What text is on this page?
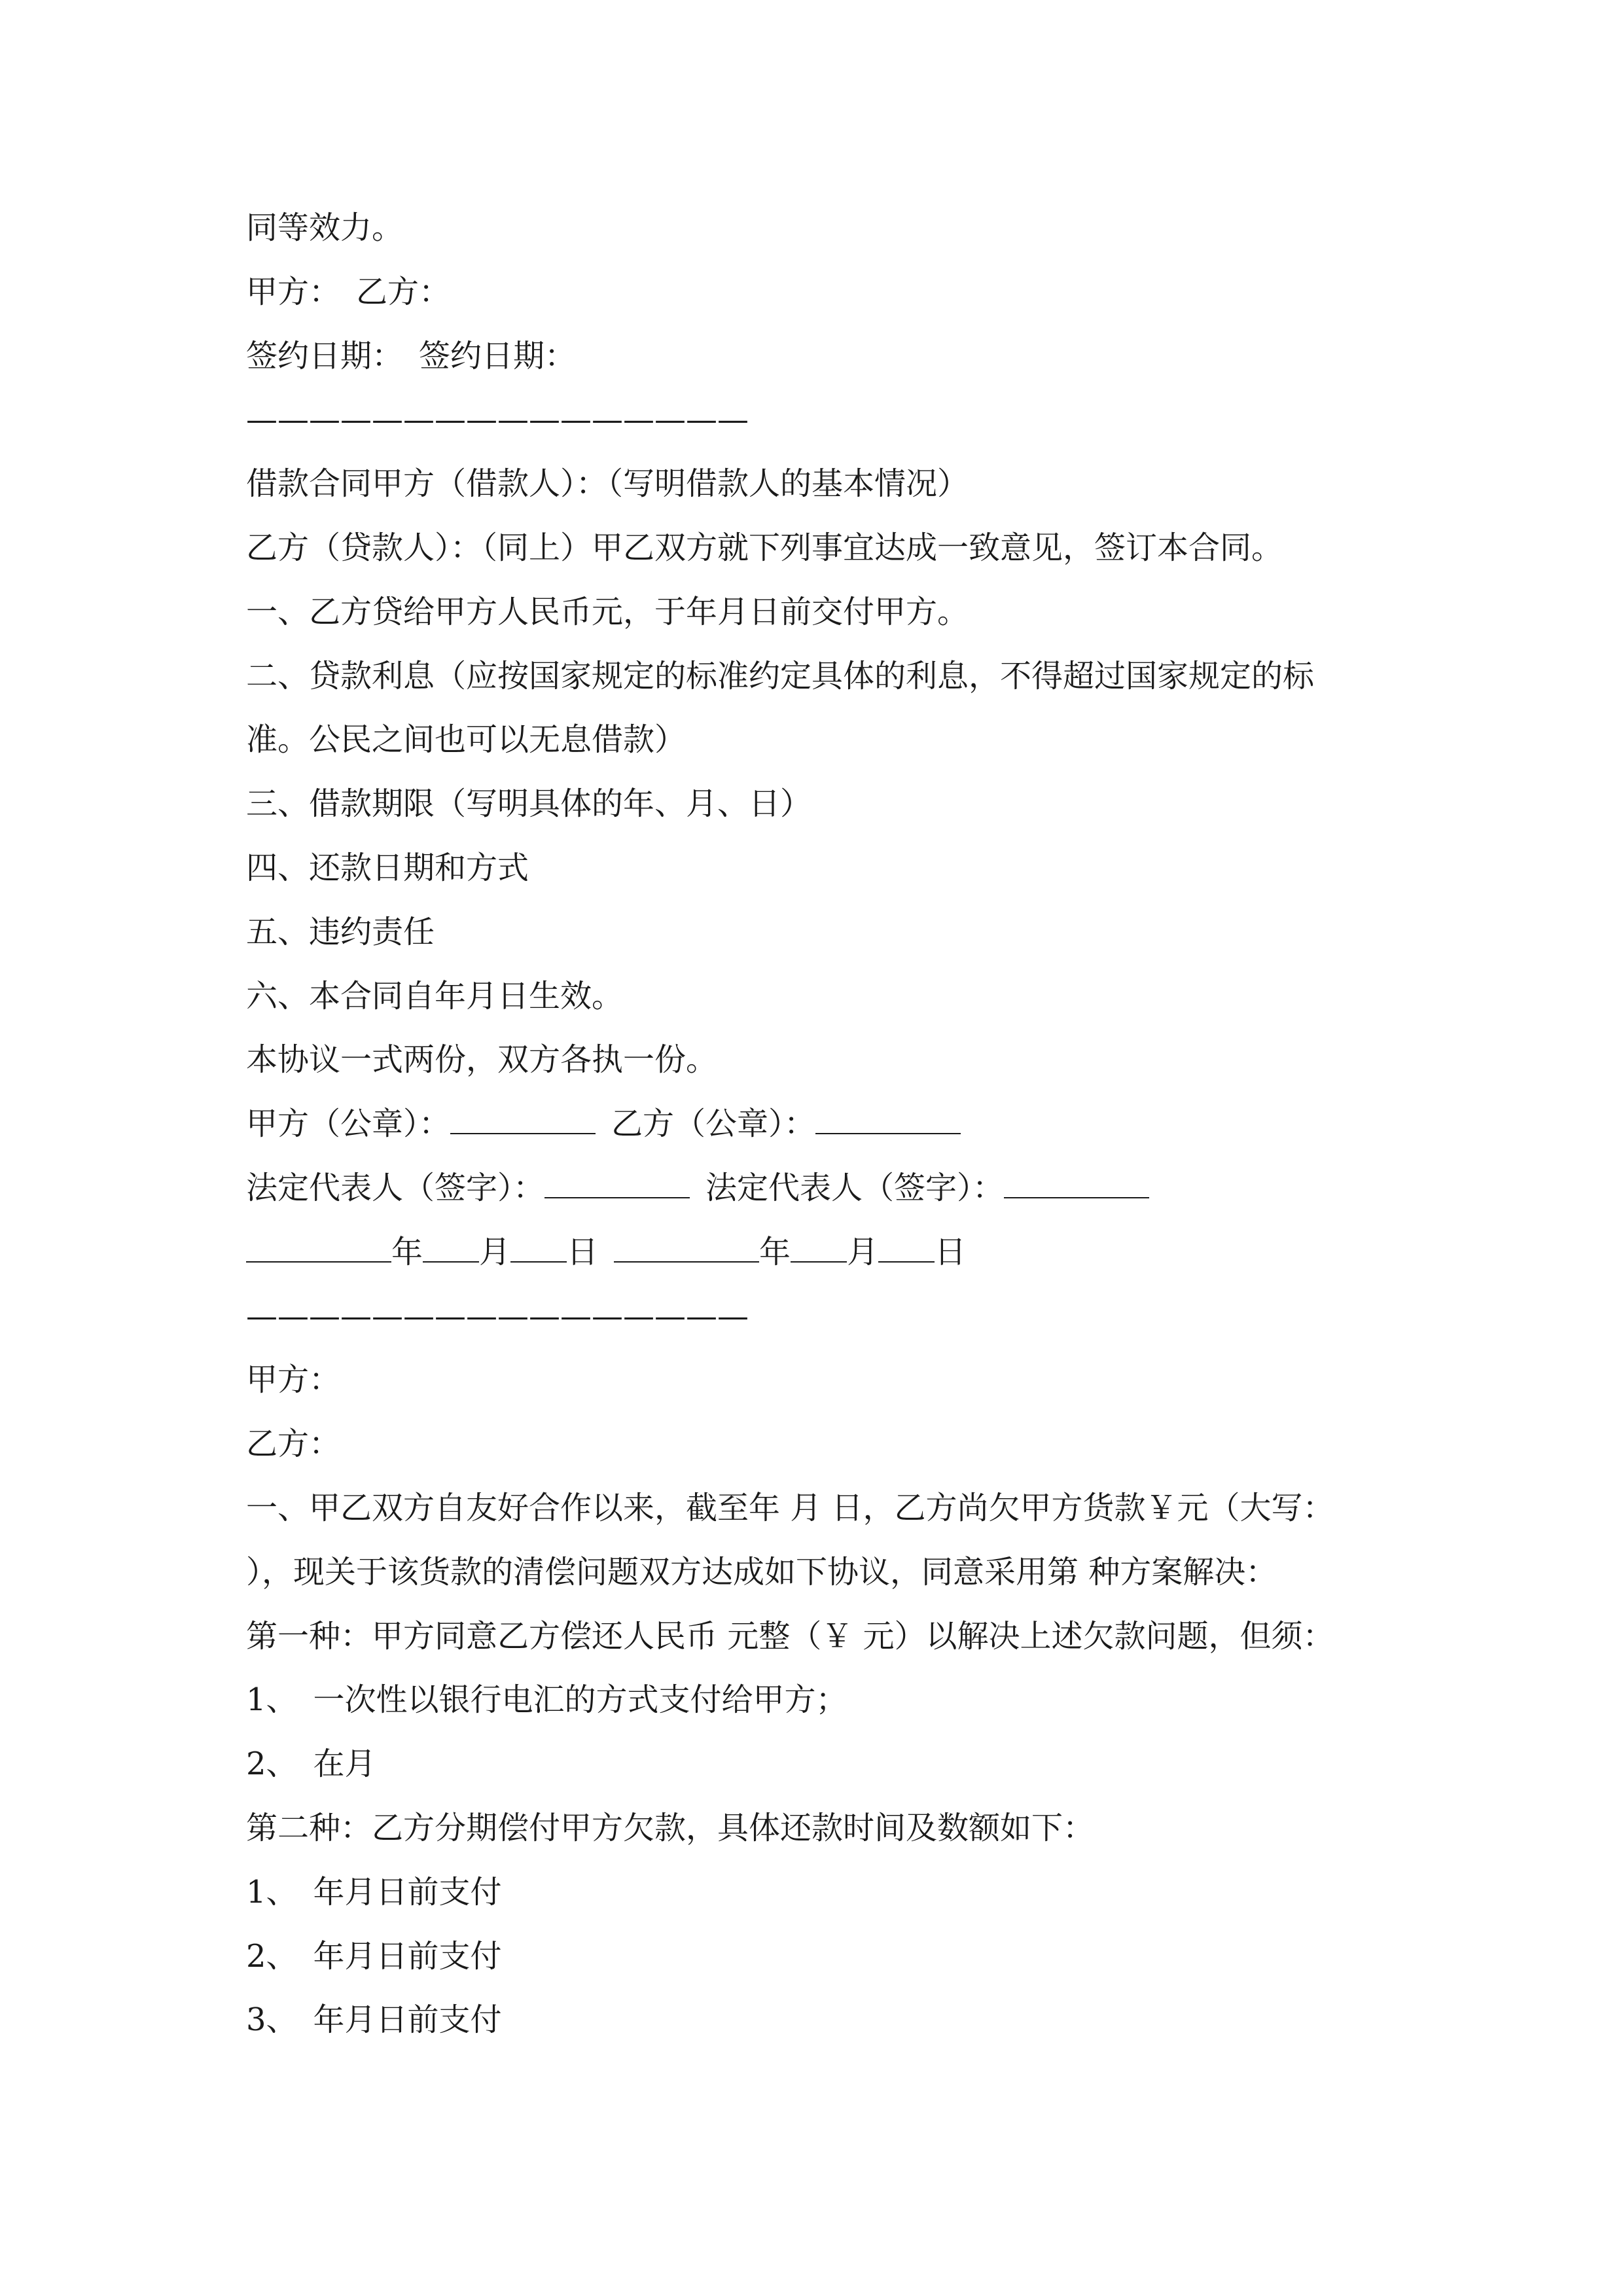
同等效力。
甲方：　乙方：
签约日期：　签约日期：
————————————————
借款合同甲方（借款人）：（写明借款人的基本情况）
乙方（贷款人）：（同上）甲乙双方就下列事宜达成一致意见，签订本合同。
一、乙方贷给甲方人民币元，于年月日前交付甲方。
二、贷款利息（应按国家规定的标准约定具体的利息，不得超过国家规定的标
准。公民之间也可以无息借款）
三、借款期限（写明具体的年、月、日）
四、还款日期和方式
五、违约责任
六、本合同自年月日生效。
本协议一式两份，双方各执一份。
甲方（公章）：	乙方（公章）：
法定代表人（签字）：	法定代表人（签字）：
年 月 日	年 月 日
————————————————
甲方：
乙方：
一、甲乙双方自友好合作以来，截至年 月 日，乙方尚欠甲方货款￥元（大写：
），现关于该货款的清偿问题双方达成如下协议，同意采用第 种方案解决：
第一种：甲方同意乙方偿还人民币 元整（￥ 元）以解决上述欠款问题，但须：
1、　一次性以银行电汇的方式支付给甲方；
2、　在月
第二种：乙方分期偿付甲方欠款，具体还款时间及数额如下：
1、　年月日前支付
2、　年月日前支付
3、　年月日前支付
